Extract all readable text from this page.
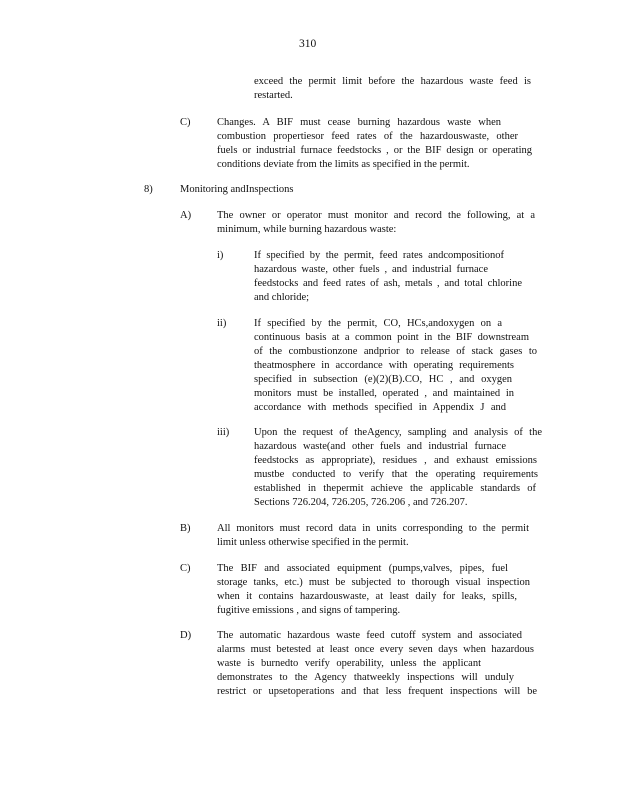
310
exceed the permit limit before the hazardous waste feed is
restarted.
C)	Changes. A BIF must cease burning hazardous waste when
combustion propertiesor feed rates of the hazardouswaste, other
fuels or industrial furnace feedstocks , or the BIF design or operating
conditions deviate from the limits as specified in the permit.
8)	Monitoring andInspections
A) The owner or operator must monitor and record the following, at a
minimum, while burning hazardous waste:
i)	If specified by the permit, feed rates andcompositionof
hazardous waste, other fuels , and industrial furnace
feedstocks and feed rates of ash, metals , and total chlorine
and chloride;
ii)	If specified by the permit, CO, HCs,andoxygen on a
continuous basis at a common point in the BIF downstream
of the combustionzone andprior to release of stack gases to
theatmosphere in accordance with operating requirements
specified in subsection (e)(2)(B).CO, HC , and oxygen
monitors must be installed, operated , and maintained in
accordance with methods specified in Appendix J and
iii) Upon the request of theAgency, sampling and analysis of the
hazardous waste(and other fuels and industrial furnace
feedstocks as appropriate), residues , and exhaust emissions
mustbe conducted to verify that the operating requirements
established in thepermit achieve the applicable standards of
Sections 726.204, 726.205, 726.206 , and 726.207.
B)	All monitors must record data in units corresponding to the permit
limit unless otherwise specified in the permit.
C)	The BIF and associated equipment (pumps,valves, pipes, fuel
storage tanks, etc.) must be subjected to thorough visual inspection
when it contains hazardouswaste, at least daily for leaks, spills,
fugitive emissions , and signs of tampering.
D) The automatic hazardous waste feed cutoff system and associated
alarms must betested at least once every seven days when hazardous
waste is burnedto verify operability, unless the applicant
demonstrates to the Agency thatweekly inspections will unduly
restrict or upsetoperations and that less frequent inspections will be
